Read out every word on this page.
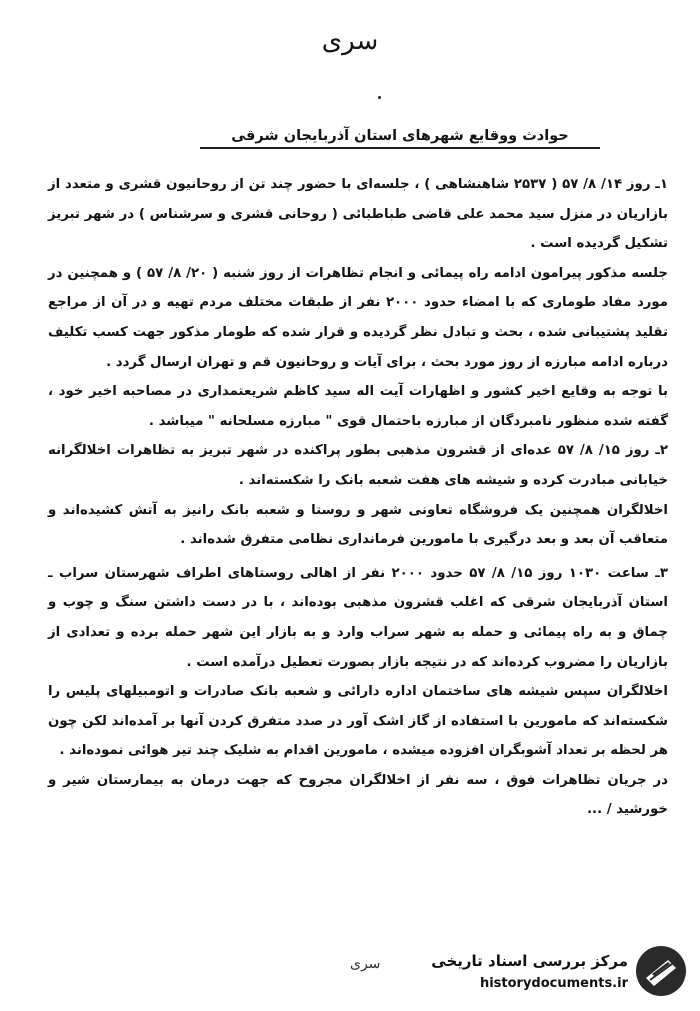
سری
حوادث ووقایع شهرهای استان آذربایجان شرقی

۱ـ روز ۱۴/ ۸/ ۵۷ ( ۲۵۳۷ شاهنشاهی ) ، جلسه‌ای با حضور چند تن از روحانیون قشری و متعدد از بازاریان در منزل سید محمد علی قاضی طباطبائی ( روحانی قشری و سرشناس ) در شهر تبریز تشکیل گردیده است .

جلسه مذکور پیرامون ادامه راه پیمائی و انجام تظاهرات از روز شنبه ( ۲۰/ ۸/ ۵۷ ) و همچنین در مورد مفاد طوماری که با امضاء حدود ۲۰۰۰ نفر از طبقات مختلف مردم تهیه و در آن از مراجع تقلید پشتیبانی شده ، بحث و تبادل نظر گردیده و قرار شده که طومار مذکور جهت کسب تکلیف درباره ادامه مبارزه از روز مورد بحث ، برای آیات و روحانیون قم و تهران ارسال گردد .

با توجه به وقایع اخیر کشور و اظهارات آیت اله سید کاظم شریعتمداری در مصاحبه اخیر خود ، گفته شده منظور نامبردگان از مبارزه باحتمال قوی " مبارزه مسلحانه " میباشد .

۲ـ روز ۱۵/ ۸/ ۵۷ عده‌ای از قشرون مذهبی بطور پراکنده در شهر تبریز به تظاهرات اخلالگرانه خیابانی مبادرت کرده و شیشه های هفت شعبه بانک را شکسته‌اند .

اخلالگران همچنین یک فروشگاه تعاونی شهر و روستا و شعبه بانک رانیز به آتش کشیده‌اند و متعاقب آن بعد و بعد درگیری با مامورین فرمانداری نظامی متفرق شده‌اند .

۳ـ ساعت ۱۰۳۰ روز ۱۵/ ۸/ ۵۷ حدود ۲۰۰۰ نفر از اهالی روستاهای اطراف شهرستان سراب ـ استان آذربایجان شرقی که اغلب قشرون مذهبی بوده‌اند ، با در دست داشتن سنگ و چوب و چماق و به راه پیمائی و حمله به شهر سراب وارد و به بازار این شهر حمله برده و تعدادی از بازاریان را مضروب کرده‌اند که در نتیجه بازار بصورت تعطیل درآمده است .

اخلالگران سپس شیشه های ساختمان اداره دارائی و شعبه بانک صادرات و اتومبیلهای پلیس را شکسته‌اند که مامورین با استفاده از گاز اشک آور در صدد متفرق کردن آنها بر آمده‌اند لکن چون هر لحظه بر تعداد آشوبگران افزوده میشده ، مامورین اقدام به شلیک چند تیر هوائی نموده‌اند .

در جریان تظاهرات فوق ، سه نفر از اخلالگران مجروح که جهت درمان به بیمارستان شیر و خورشید / ...

سری	مرکز بررسی اسناد تاریخی
historydocuments.ir
